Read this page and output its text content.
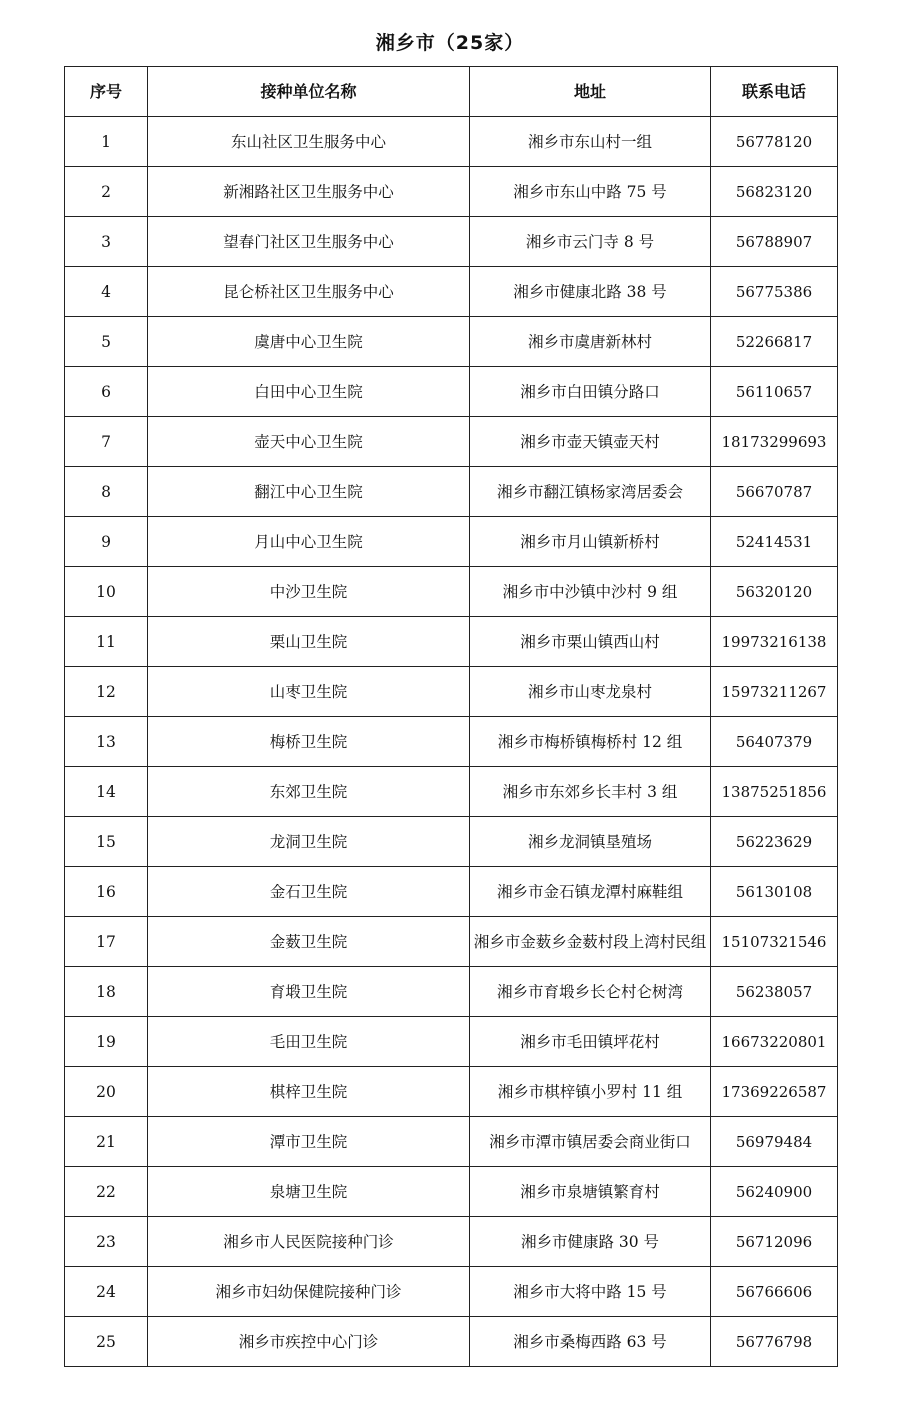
湘乡市（25家）
序号	接种单位名称	地址	联系电话
1	东山社区卫生服务中心	湘乡市东山村一组	56778120
2	新湘路社区卫生服务中心	湘乡市东山中路 75 号	56823120
3	望春门社区卫生服务中心	湘乡市云门寺 8 号	56788907
4	昆仑桥社区卫生服务中心	湘乡市健康北路 38 号	56775386
5	虞唐中心卫生院	湘乡市虞唐新林村	52266817
6	白田中心卫生院	湘乡市白田镇分路口	56110657
7	壶天中心卫生院	湘乡市壶天镇壶天村	18173299693
8	翻江中心卫生院	湘乡市翻江镇杨家湾居委会	56670787
9	月山中心卫生院	湘乡市月山镇新桥村	52414531
10	中沙卫生院	湘乡市中沙镇中沙村 9 组	56320120
11	栗山卫生院	湘乡市栗山镇西山村	19973216138
12	山枣卫生院	湘乡市山枣龙泉村	15973211267
13	梅桥卫生院	湘乡市梅桥镇梅桥村 12 组	56407379
14	东郊卫生院	湘乡市东郊乡长丰村 3 组	13875251856
15	龙洞卫生院	湘乡龙洞镇垦殖场	56223629
16	金石卫生院	湘乡市金石镇龙潭村麻鞋组	56130108
17	金薮卫生院	湘乡市金薮乡金薮村段上湾村民组	15107321546
18	育塅卫生院	湘乡市育塅乡长仑村仑树湾	56238057
19	毛田卫生院	湘乡市毛田镇坪花村	16673220801
20	棋梓卫生院	湘乡市棋梓镇小罗村 11 组	17369226587
21	潭市卫生院	湘乡市潭市镇居委会商业街口	56979484
22	泉塘卫生院	湘乡市泉塘镇繁育村	56240900
23	湘乡市人民医院接种门诊	湘乡市健康路 30 号	56712096
24	湘乡市妇幼保健院接种门诊	湘乡市大将中路 15 号	56766606
25	湘乡市疾控中心门诊	湘乡市桑梅西路 63 号	56776798
